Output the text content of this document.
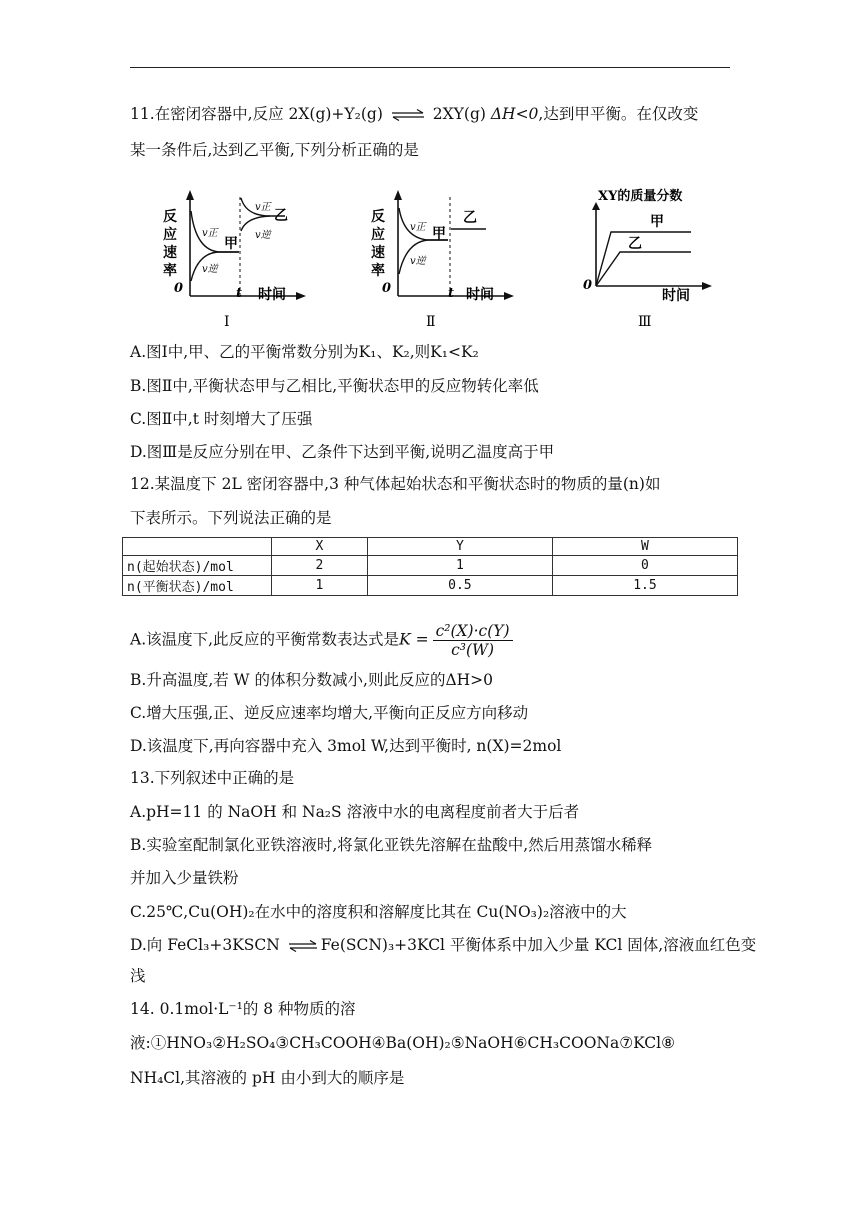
11.在密闭容器中,反应 2X(g)+Y₂(g) ⇌ 2XY(g) ΔH<0,达到甲平衡。在仅改变
某一条件后,达到乙平衡,下列分析正确的是
反
应
速
率
v正
v逆
甲
v正
v逆
乙
0	t 时间
I
反
应
速
率
v正
v逆
甲
乙
0	t 时间
Ⅱ
XY的质量分数
甲
乙
0
时间
Ⅲ
A.图Ⅰ中,甲、乙的平衡常数分别为K₁、K₂,则K₁<K₂
B.图Ⅱ中,平衡状态甲与乙相比,平衡状态甲的反应物转化率低
C.图Ⅱ中,t 时刻增大了压强
D.图Ⅲ是反应分别在甲、乙条件下达到平衡,说明乙温度高于甲
12.某温度下 2L 密闭容器中,3 种气体起始状态和平衡状态时的物质的量(n)如
下表所示。下列说法正确的是
	X	Y	W
n(起始状态)/mol	2	1	0
n(平衡状态)/mol	1	0.5	1.5
A.该温度下,此反应的平衡常数表达式是$K = \frac{\text{c²(X)·c(Y)}}{\text{c³(W)}}$
B.升高温度,若 W 的体积分数减小,则此反应的ΔH>0
C.增大压强,正、逆反应速率均增大,平衡向正反应方向移动
D.该温度下,再向容器中充入 3mol W,达到平衡时, n(X)=2mol
13.下列叙述中正确的是
A.pH=11 的 NaOH 和 Na₂S 溶液中水的电离程度前者大于后者
B.实验室配制氯化亚铁溶液时,将氯化亚铁先溶解在盐酸中,然后用蒸馏水稀释
并加入少量铁粉
C.25℃,Cu(OH)₂在水中的溶度积和溶解度比其在 Cu(NO₃)₂溶液中的大
D.向 FeCl₃+3KSCN ⇌ Fe(SCN)₃+3KCl 平衡体系中加入少量 KCl 固体,溶液血红色变
浅
14. 0.1mol·L⁻¹的 8 种物质的溶
液:①HNO₃②H₂SO₄③CH₃COOH④Ba(OH)₂⑤NaOH⑥CH₃COONa⑦KCl⑧
NH₄Cl,其溶液的 pH 由小到大的顺序是
